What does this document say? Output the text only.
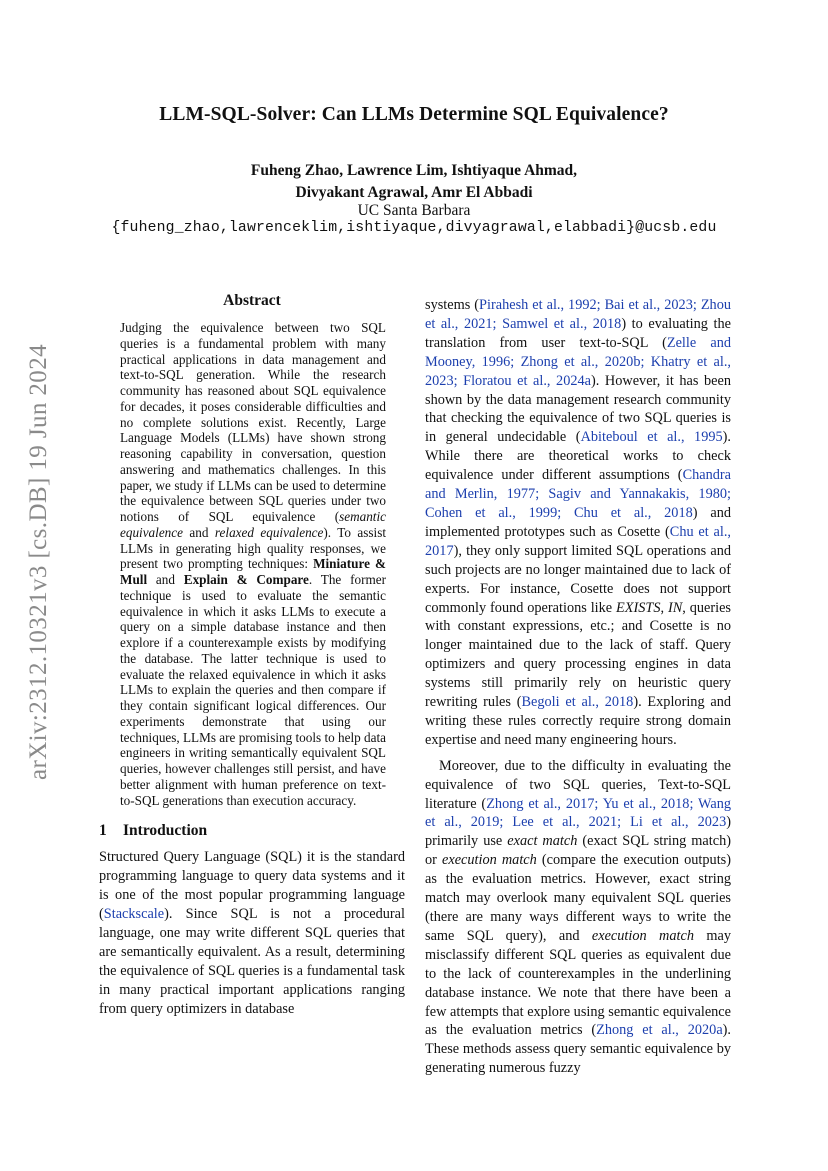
LLM-SQL-Solver: Can LLMs Determine SQL Equivalence?
Fuheng Zhao, Lawrence Lim, Ishtiyaque Ahmad,
Divyakant Agrawal, Amr El Abbadi
UC Santa Barbara
{fuheng_zhao,lawrenceklim,ishtiyaque,divyagrawal,elabbadi}@ucsb.edu
arXiv:2312.10321v3 [cs.DB] 19 Jun 2024
Abstract

Judging the equivalence between two SQL queries is a fundamental problem with many practical applications in data management and text-to-SQL generation. While the research community has reasoned about SQL equivalence for decades, it poses considerable difficulties and no complete solutions exist. Recently, Large Language Models (LLMs) have shown strong reasoning capability in conversation, question answering and mathematics challenges. In this paper, we study if LLMs can be used to determine the equivalence between SQL queries under two notions of SQL equivalence (semantic equivalence and relaxed equivalence). To assist LLMs in generating high quality responses, we present two prompting techniques: Miniature & Mull and Explain & Compare. The former technique is used to evaluate the semantic equivalence in which it asks LLMs to execute a query on a simple database instance and then explore if a counterexample exists by modifying the database. The latter technique is used to evaluate the relaxed equivalence in which it asks LLMs to explain the queries and then compare if they contain significant logical differences. Our experiments demonstrate that using our techniques, LLMs are promising tools to help data engineers in writing semantically equivalent SQL queries, however challenges still persist, and have better alignment with human preference on text-to-SQL generations than execution accuracy.

1 Introduction

Structured Query Language (SQL) it is the standard programming language to query data systems and it is one of the most popular programming language (Stackscale). Since SQL is not a procedural language, one may write different SQL queries that are semantically equivalent. As a result, determining the equivalence of SQL queries is a fundamental task in many practical important applications ranging from query optimizers in database

systems (Pirahesh et al., 1992; Bai et al., 2023; Zhou et al., 2021; Samwel et al., 2018) to evaluating the translation from user text-to-SQL (Zelle and Mooney, 1996; Zhong et al., 2020b; Khatry et al., 2023; Floratou et al., 2024a). However, it has been shown by the data management research community that checking the equivalence of two SQL queries is in general undecidable (Abiteboul et al., 1995). While there are theoretical works to check equivalence under different assumptions (Chandra and Merlin, 1977; Sagiv and Yannakakis, 1980; Cohen et al., 1999; Chu et al., 2018) and implemented prototypes such as Cosette (Chu et al., 2017), they only support limited SQL operations and such projects are no longer maintained due to lack of experts. For instance, Cosette does not support commonly found operations like EXISTS, IN, queries with constant expressions, etc.; and Cosette is no longer maintained due to the lack of staff. Query optimizers and query processing engines in data systems still primarily rely on heuristic query rewriting rules (Begoli et al., 2018). Exploring and writing these rules correctly require strong domain expertise and need many engineering hours.

Moreover, due to the difficulty in evaluating the equivalence of two SQL queries, Text-to-SQL literature (Zhong et al., 2017; Yu et al., 2018; Wang et al., 2019; Lee et al., 2021; Li et al., 2023) primarily use exact match (exact SQL string match) or execution match (compare the execution outputs) as the evaluation metrics. However, exact string match may overlook many equivalent SQL queries (there are many ways different ways to write the same SQL query), and execution match may misclassify different SQL queries as equivalent due to the lack of counterexamples in the underlining database instance. We note that there have been a few attempts that explore using semantic equivalence as the evaluation metrics (Zhong et al., 2020a). These methods assess query semantic equivalence by generating numerous fuzzy
